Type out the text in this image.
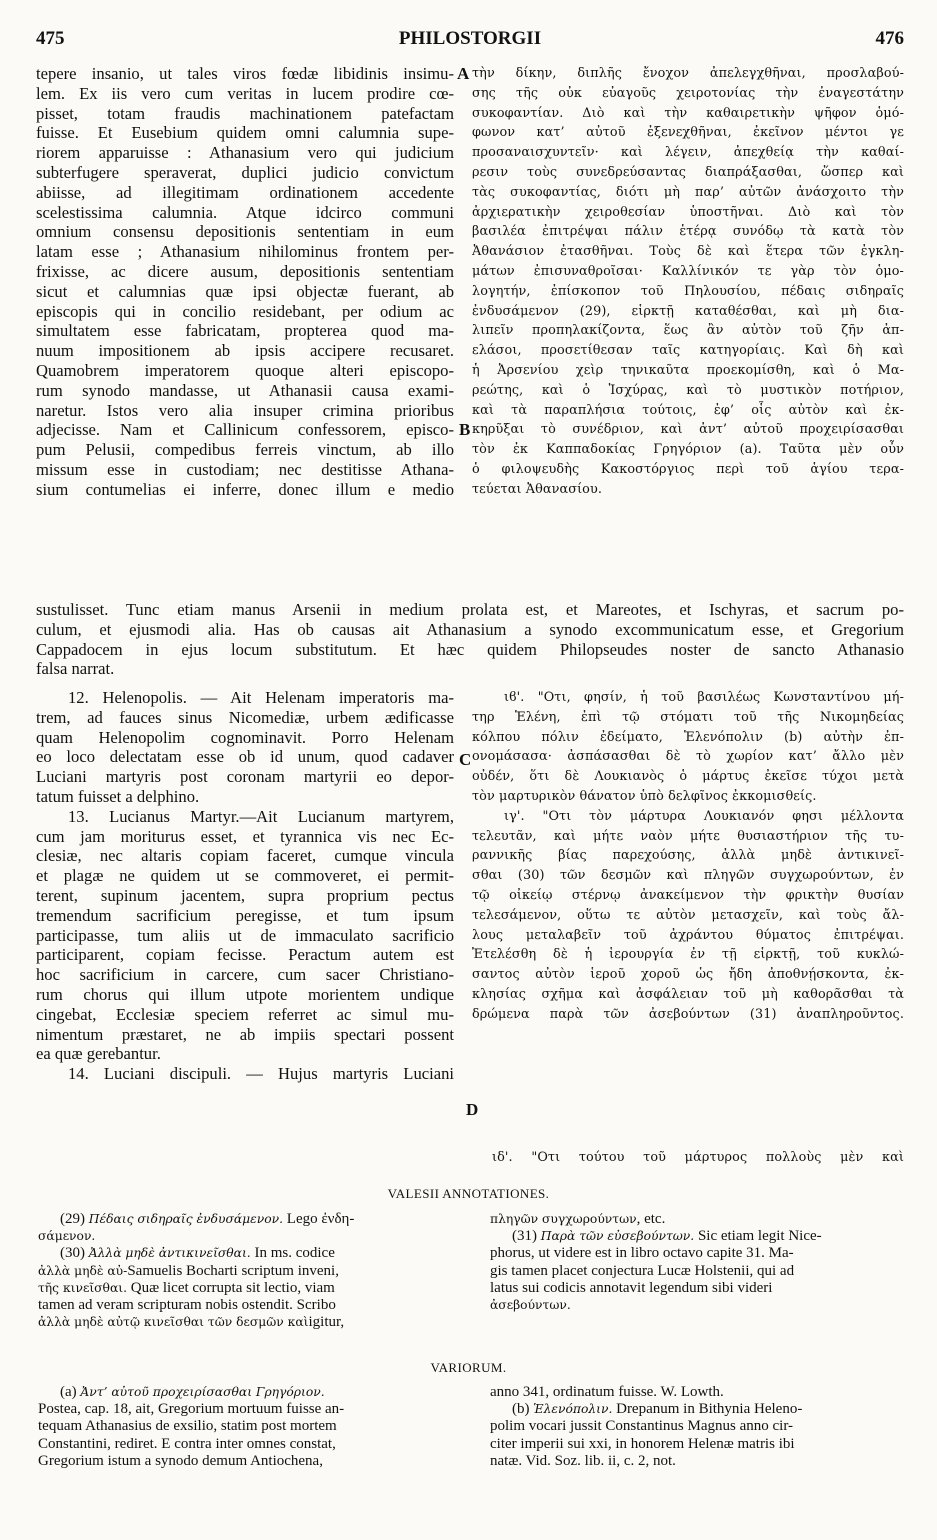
475	PHILOSTORGII	476
tepere insanio, ut tales viros fœdæ libidinis insimu-
lem. Ex iis vero cum veritas in lucem prodire cœ-
pisset, totam fraudis machinationem patefactam
fuisse. Et Eusebium quidem omni calumnia supe-
riorem apparuisse : Athanasium vero qui judicium
subterfugere speraverat, duplici judicio convictum
abiisse, ad illegitimam ordinationem accedente
scelestissima calumnia. Atque idcirco communi
omnium consensu depositionis sententiam in eum
latam esse ; Athanasium nihilominus frontem per-
frixisse, ac dicere ausum, depositionis sententiam
sicut et calumnias quæ ipsi objectæ fuerant, ab
episcopis qui in concilio residebant, per odium ac
simultatem esse fabricatam, propterea quod ma-
nuum impositionem ab ipsis accipere recusaret.
Quamobrem imperatorem quoque alteri episcopo-
rum synodo mandasse, ut Athanasii causa exami-
naretur. Istos vero alia insuper crimina prioribus
adjecisse. Nam et Callinicum confessorem, episco-
pum Pelusii, compedibus ferreis vinctum, ab illo
missum esse in custodiam; nec destitisse Athana-
sium contumelias ei inferre, donec illum e medio
τὴν δίκην, διπλῆς ἔνοχον ἀπελεγχθῆναι, προσλαβού-
σης τῆς οὐκ εὐαγοῦς χειροτονίας τὴν ἐναγεστάτην
συκοφαντίαν. Διὸ καὶ τὴν καθαιρετικὴν ψῆφον ὁμό-
φωνον κατ’ αὐτοῦ ἐξενεχθῆναι, ἐκεῖνον μέντοι γε
προσαναισχυντεῖν· καὶ λέγειν, ἀπεχθείᾳ τὴν καθαί-
ρεσιν τοὺς συνεδρεύσαντας διαπράξασθαι, ὥσπερ καὶ
τὰς συκοφαντίας, διότι μὴ παρ’ αὐτῶν ἀνάσχοιτο τὴν
ἀρχιερατικὴν χειροθεσίαν ὑποστῆναι. Διὸ καὶ τὸν
βασιλέα ἐπιτρέψαι πάλιν ἑτέρᾳ συνόδῳ τὰ κατὰ τὸν
Ἀθανάσιον ἐτασθῆναι. Τοὺς δὲ καὶ ἕτερα τῶν ἐγκλη-
μάτων ἐπισυναθροῖσαι· Καλλίνικόν τε γὰρ τὸν ὁμο-
λογητήν, ἐπίσκοπον τοῦ Πηλουσίου, πέδαις σιδηραῖς
ἐνδυσάμενον (29), εἱρκτῇ καταθέσθαι, καὶ μὴ δια-
λιπεῖν προπηλακίζοντα, ἕως ἂν αὐτὸν τοῦ ζῆν ἀπ-
ελάσοι, προσετίθεσαν ταῖς κατηγορίαις. Καὶ δὴ καὶ
ἡ Ἀρσενίου χεὶρ τηνικαῦτα προεκομίσθη, καὶ ὁ Μα-
ρεώτης, καὶ ὁ Ἰσχύρας, καὶ τὸ μυστικὸν ποτήριον,
καὶ τὰ παραπλήσια τούτοις, ἐφ’ οἷς αὐτὸν καὶ ἐκ-
κηρῦξαι τὸ συνέδριον, καὶ ἀντ’ αὐτοῦ προχειρίσασθαι
τὸν ἐκ Καππαδοκίας Γρηγόριον (a). Ταῦτα μὲν οὖν
ὁ φιλοψευδὴς Κακοστόργιος περὶ τοῦ ἁγίου τερα-
τεύεται Ἀθανασίου.
A
B
C
D
sustulisset. Tunc etiam manus Arsenii in medium prolata est, et Mareotes, et Ischyras, et sacrum po-
culum, et ejusmodi alia. Has ob causas ait Athanasium a synodo excommunicatum esse, et Gregorium
Cappadocem in ejus locum substitutum. Et hæc quidem Philopseudes noster de sancto Athanasio
falsa narrat.
12. Helenopolis. — Ait Helenam imperatoris ma-
trem, ad fauces sinus Nicomediæ, urbem ædificasse
quam Helenopolim cognominavit. Porro Helenam
eo loco delectatam esse ob id unum, quod cadaver
Luciani martyris post coronam martyrii eo depor-
tatum fuisset a delphino.
13. Lucianus Martyr.—Ait Lucianum martyrem,
cum jam moriturus esset, et tyrannica vis nec Ec-
clesiæ, nec altaris copiam faceret, cumque vincula
et plagæ ne quidem ut se commoveret, ei permit-
terent, supinum jacentem, supra proprium pectus
tremendum sacrificium peregisse, et tum ipsum
participasse, tum aliis ut de immaculato sacrificio
participarent, copiam fecisse. Peractum autem est
hoc sacrificium in carcere, cum sacer Christiano-
rum chorus qui illum utpote morientem undique
cingebat, Ecclesiæ speciem referret ac simul mu-
nimentum præstaret, ne ab impiis spectari possent
ea quæ gerebantur.
14. Luciani discipuli. — Hujus martyris Luciani
ιϐ'. "Οτι, φησίν, ἡ τοῦ βασιλέως Κωνσταντίνου μή-
τηρ Ἑλένη, ἐπὶ τῷ στόματι τοῦ τῆς Νικομηδείας
κόλπου πόλιν ἐδείματο, Ἑλενόπολιν (b) αὐτὴν ἐπ-
ονομάσασα· ἀσπάσασθαι δὲ τὸ χωρίον κατ’ ἄλλο μὲν
οὐδέν, ὅτι δὲ Λουκιανὸς ὁ μάρτυς ἐκεῖσε τύχοι μετὰ
τὸν μαρτυρικὸν θάνατον ὑπὸ δελφῖνος ἐκκομισθείς.
ιγ'. "Οτι τὸν μάρτυρα Λουκιανόν φησι μέλλοντα
τελευτᾶν, καὶ μήτε ναὸν μήτε θυσιαστήριον τῆς τυ-
ραννικῆς βίας παρεχούσης, ἀλλὰ μηδὲ ἀντικινεῖ-
σθαι (30) τῶν δεσμῶν καὶ πληγῶν συγχωρούντων, ἐν
τῷ οἰκείῳ στέρνῳ ἀνακείμενον τὴν φρικτὴν θυσίαν
τελεσάμενον, οὕτω τε αὐτὸν μετασχεῖν, καὶ τοὺς ἄλ-
λους μεταλαβεῖν τοῦ ἀχράντου θύματος ἐπιτρέψαι.
Ἐτελέσθη δὲ ἡ ἱερουργία ἐν τῇ εἱρκτῇ, τοῦ κυκλώ-
σαντος αὐτὸν ἱεροῦ χοροῦ ὡς ἤδη ἀποθνῄσκοντα, ἐκ-
κλησίας σχῆμα καὶ ἀσφάλειαν τοῦ μὴ καθορᾶσθαι τὰ
δρώμενα παρὰ τῶν ἀσεβούντων (31) ἀναπληροῦντος.
ιδ'. "Οτι τούτου τοῦ μάρτυρος πολλοὺς μὲν καὶ
VALESII ANNOTATIONES.
(29) Πέδαις σιδηραῖς ἐνδυσάμενον. Lego ἐνδη-
σάμενον.
(30) Ἀλλὰ μηδὲ ἀντικινεῖσθαι. In ms. codice
ἀλλὰ μηδὲ αὐ-Samuelis Bocharti scriptum inveni,
τῆς κινεῖσθαι. Quæ licet corrupta sit lectio, viam
tamen ad veram scripturam nobis ostendit. Scribo
ἀλλὰ μηδὲ αὐτῷ κινεῖσθαι τῶν δεσμῶν καὶigitur,
πληγῶν συγχωρούντων, etc.
(31) Παρὰ τῶν εὐσεβούντων. Sic etiam legit Nice-
phorus, ut videre est in libro octavo capite 31. Ma-
gis tamen placet conjectura Lucæ Holstenii, qui ad
latus sui codicis annotavit legendum sibi videri
ἀσεβούντων.
VARIORUM.
(a) Ἀντ’ αὐτοῦ προχειρίσασθαι Γρηγόριον.
Postea, cap. 18, ait, Gregorium mortuum fuisse an-
tequam Athanasius de exsilio, statim post mortem
Constantini, rediret. E contra inter omnes constat,
Gregorium istum a synodo demum Antiochena,
anno 341, ordinatum fuisse. W. Lowth.
(b) Ἑλενόπολιν. Drepanum in Bithynia Heleno-
polim vocari jussit Constantinus Magnus anno cir-
citer imperii sui xxi, in honorem Helenæ matris ibi
natæ. Vid. Soz. lib. ii, c. 2, not.
